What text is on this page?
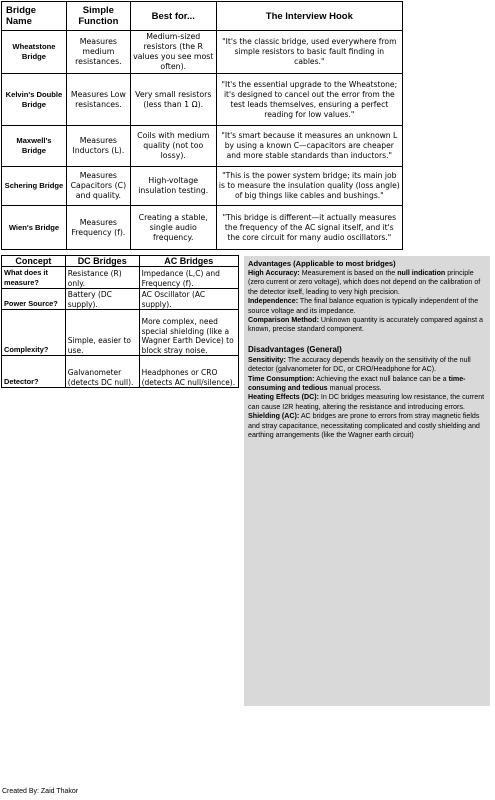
Bridge Name	Simple Function	Best for...	The Interview Hook
Wheatstone Bridge	Measures medium resistances.	Medium-sized resistors (the R values you see most often).	"It's the classic bridge, used everywhere from simple resistors to basic fault finding in cables."
Kelvin's Double Bridge	Measures Low resistances.	Very small resistors (less than 1 Ω).	"It's the essential upgrade to the Wheatstone; it's designed to cancel out the error from the test leads themselves, ensuring a perfect reading for low values."
Maxwell's Bridge	Measures Inductors (L).	Coils with medium quality (not too lossy).	"It's smart because it measures an unknown L by using a known C—capacitors are cheaper and more stable standards than inductors."
Schering Bridge	Measures Capacitors (C) and quality.	High-voltage insulation testing.	"This is the power system bridge; its main job is to measure the insulation quality (loss angle) of big things like cables and bushings."
Wien's Bridge	Measures Frequency (f).	Creating a stable, single audio frequency.	"This bridge is different—it actually measures the frequency of the AC signal itself, and it's the core circuit for many audio oscillators."
Concept	DC Bridges	AC Bridges
What does it measure?	Resistance (R) only.	Impedance (L,C) and Frequency (f).
Power Source?	Battery (DC supply).	AC Oscillator (AC supply).
Complexity?	Simple, easier to use.	More complex, need special shielding (like a Wagner Earth Device) to block stray noise.
Detector?	Galvanometer (detects DC null).	Headphones or CRO (detects AC null/silence).
Advantages (Applicable to most bridges)

High Accuracy: Measurement is based on the null indication principle (zero current or zero voltage), which does not depend on the calibration of the detector itself, leading to very high precision.

Independence: The final balance equation is typically independent of the source voltage and its impedance.

Comparison Method: Unknown quantity is accurately compared against a known, precise standard component.

Disadvantages (General)

Sensitivity: The accuracy depends heavily on the sensitivity of the null detector (galvanometer for DC, or CRO/Headphone for AC).

Time Consumption: Achieving the exact null balance can be a time-consuming and tedious manual process.

Heating Effects (DC): In DC bridges measuring low resistance, the current can cause I2R heating, altering the resistance and introducing errors.

Shielding (AC): AC bridges are prone to errors from stray magnetic fields and stray capacitance, necessitating complicated and costly shielding and earthing arrangements (like the Wagner earth circuit)

Created By: Zaid Thakor
